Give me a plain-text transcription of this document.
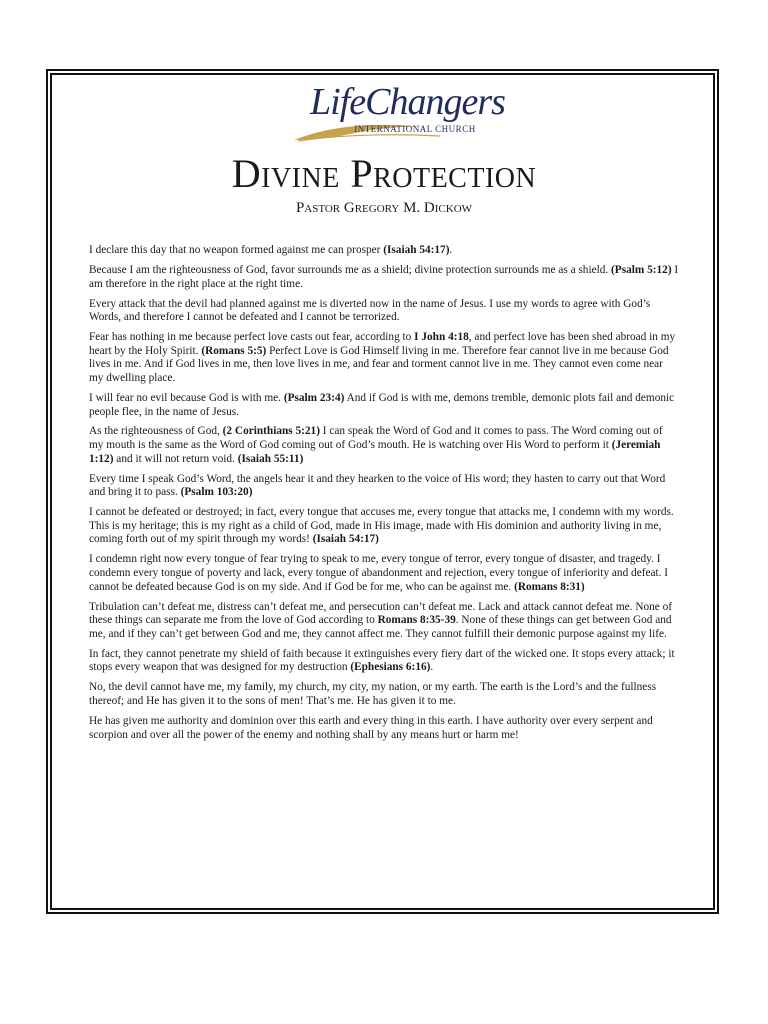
LifeChangers
INTERNATIONAL CHURCH
Divine Protection
Pastor Gregory M. Dickow

I declare this day that no weapon formed against me can prosper (Isaiah 54:17).

Because I am the righteousness of God, favor surrounds me as a shield; divine protection surrounds me as a shield. (Psalm 5:12) I am therefore in the right place at the right time.

Every attack that the devil had planned against me is diverted now in the name of Jesus. I use my words to agree with God’s Words, and therefore I cannot be defeated and I cannot be terrorized.

Fear has nothing in me because perfect love casts out fear, according to I John 4:18, and perfect love has been shed abroad in my heart by the Holy Spirit. (Romans 5:5) Perfect Love is God Himself living in me. Therefore fear cannot live in me because God lives in me. And if God lives in me, then love lives in me, and fear and torment cannot live in me. They cannot even come near my dwelling place.

I will fear no evil because God is with me. (Psalm 23:4) And if God is with me, demons tremble, demonic plots fail and demonic people flee, in the name of Jesus.

As the righteousness of God, (2 Corinthians 5:21) I can speak the Word of God and it comes to pass. The Word coming out of my mouth is the same as the Word of God coming out of God’s mouth. He is watching over His Word to perform it (Jeremiah 1:12) and it will not return void. (Isaiah 55:11)

Every time I speak God’s Word, the angels hear it and they hearken to the voice of His word; they hasten to carry out that Word and bring it to pass. (Psalm 103:20)

I cannot be defeated or destroyed; in fact, every tongue that accuses me, every tongue that attacks me, I condemn with my words. This is my heritage; this is my right as a child of God, made in His image, made with His dominion and authority living in me, coming forth out of my spirit through my words! (Isaiah 54:17)

I condemn right now every tongue of fear trying to speak to me, every tongue of terror, every tongue of disaster, and tragedy. I condemn every tongue of poverty and lack, every tongue of abandonment and rejection, every tongue of inferiority and defeat. I cannot be defeated because God is on my side. And if God be for me, who can be against me. (Romans 8:31)

Tribulation can’t defeat me, distress can’t defeat me, and persecution can’t defeat me. Lack and attack cannot defeat me. None of these things can separate me from the love of God according to Romans 8:35-39. None of these things can get between God and me, and if they can’t get between God and me, they cannot affect me. They cannot fulfill their demonic purpose against my life.

In fact, they cannot penetrate my shield of faith because it extinguishes every fiery dart of the wicked one. It stops every attack; it stops every weapon that was designed for my destruction (Ephesians 6:16).

No, the devil cannot have me, my family, my church, my city, my nation, or my earth. The earth is the Lord’s and the fullness thereof; and He has given it to the sons of men! That’s me. He has given it to me.

He has given me authority and dominion over this earth and every thing in this earth. I have authority over every serpent and scorpion and over all the power of the enemy and nothing shall by any means hurt or harm me!
